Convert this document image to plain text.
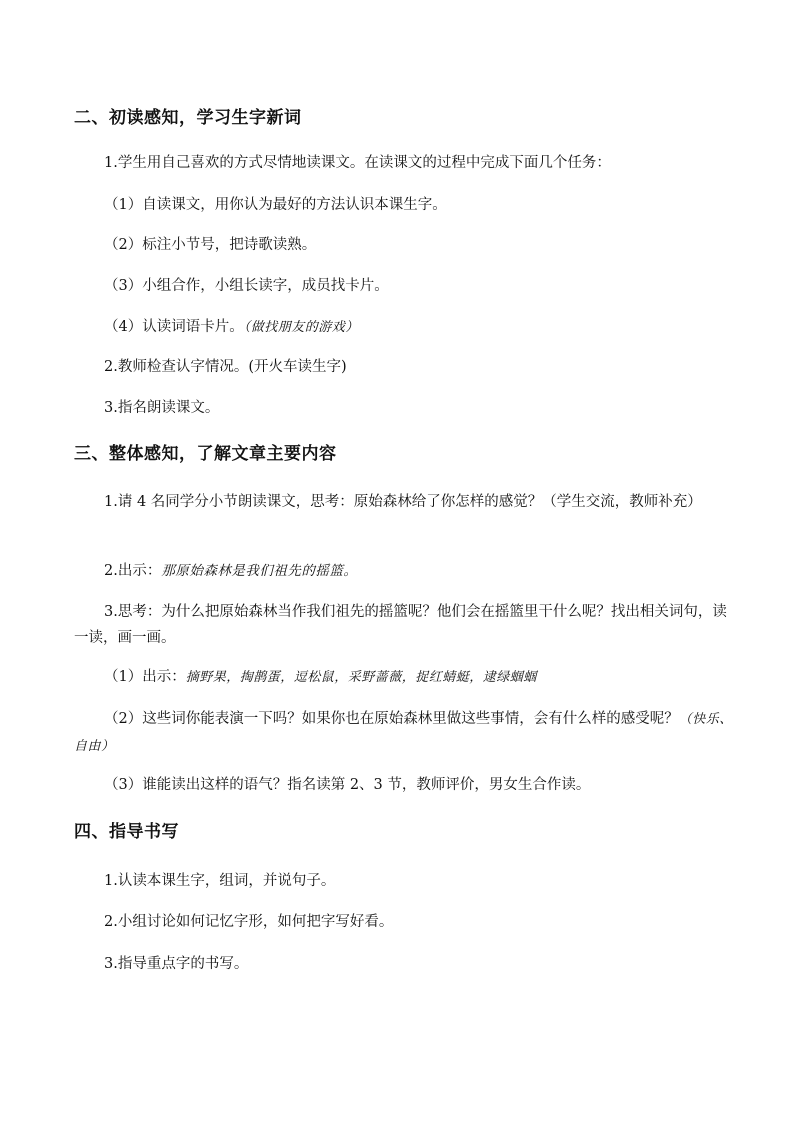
二、初读感知，学习生字新词
1.学生用自己喜欢的方式尽情地读课文。在读课文的过程中完成下面几个任务：
（1）自读课文，用你认为最好的方法认识本课生字。
（2）标注小节号，把诗歌读熟。
（3）小组合作，小组长读字，成员找卡片。
（4）认读词语卡片。（做找朋友的游戏）
2.教师检查认字情况。(开火车读生字)
3.指名朗读课文。
三、整体感知，了解文章主要内容
1.请 4 名同学分小节朗读课文，思考：原始森林给了你怎样的感觉？（学生交流，教师补充）
2.出示：那原始森林是我们祖先的摇篮。
3.思考：为什么把原始森林当作我们祖先的摇篮呢？他们会在摇篮里干什么呢？找出相关词句，读一读，画一画。
（1）出示：摘野果，掏鹊蛋，逗松鼠，采野蔷薇，捉红蜻蜓，逮绿蝈蝈
（2）这些词你能表演一下吗？如果你也在原始森林里做这些事情，会有什么样的感受呢？（快乐、自由）
（3）谁能读出这样的语气？指名读第 2、3 节，教师评价，男女生合作读。
四、指导书写
1.认读本课生字，组词，并说句子。
2.小组讨论如何记忆字形，如何把字写好看。
3.指导重点字的书写。
